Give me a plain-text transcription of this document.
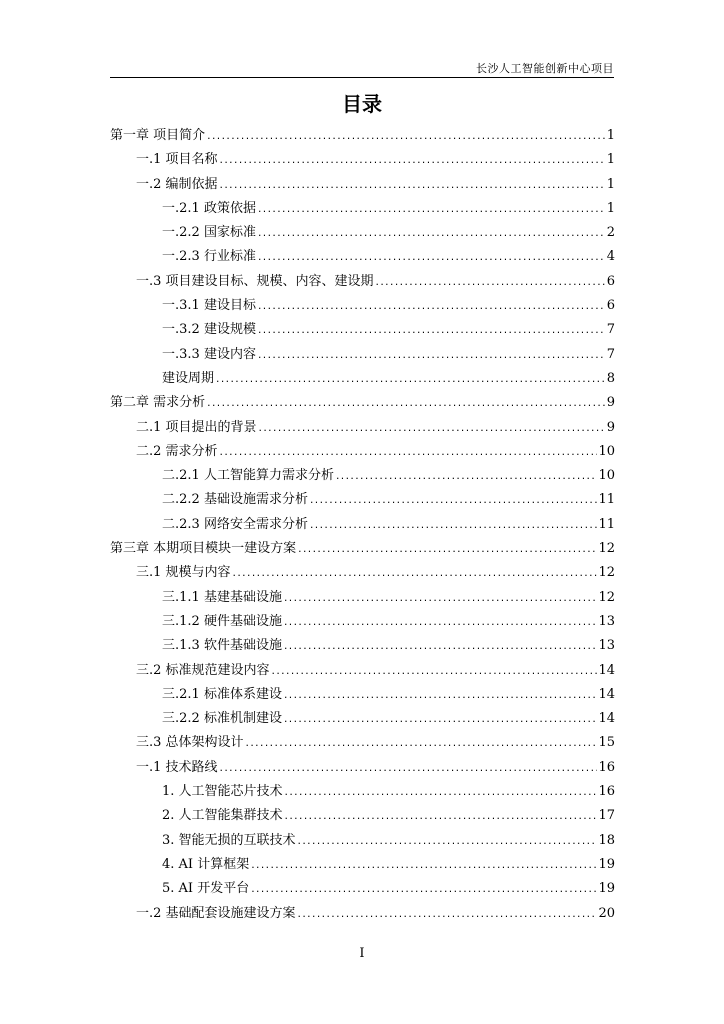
长沙人工智能创新中心项目
目录
第一章 项目简介 .....	1
一.1 项目名称 .....	1
一.2 编制依据 .....	1
一.2.1 政策依据 .....	1
一.2.2 国家标准 .....	2
一.2.3 行业标准 .....	4
一.3 项目建设目标、规模、内容、建设期 .....	6
一.3.1 建设目标 .....	6
一.3.2 建设规模 .....	7
一.3.3 建设内容 .....	7
建设周期 .....	8
第二章 需求分析 .....	9
二.1 项目提出的背景 .....	9
二.2 需求分析 .....	10
二.2.1 人工智能算力需求分析 .....	10
二.2.2 基础设施需求分析 .....	11
二.2.3 网络安全需求分析 .....	11
第三章 本期项目模块一建设方案 .....	12
三.1 规模与内容 .....	12
三.1.1 基建基础设施 .....	12
三.1.2 硬件基础设施 .....	13
三.1.3 软件基础设施 .....	13
三.2 标准规范建设内容 .....	14
三.2.1 标准体系建设 .....	14
三.2.2 标准机制建设 .....	14
三.3 总体架构设计 .....	15
一.1 技术路线 .....	16
1. 人工智能芯片技术 .....	16
2. 人工智能集群技术 .....	17
3. 智能无损的互联技术 .....	18
4. AI 计算框架 .....	19
5. AI 开发平台 .....	19
一.2 基础配套设施建设方案 .....	20
I
